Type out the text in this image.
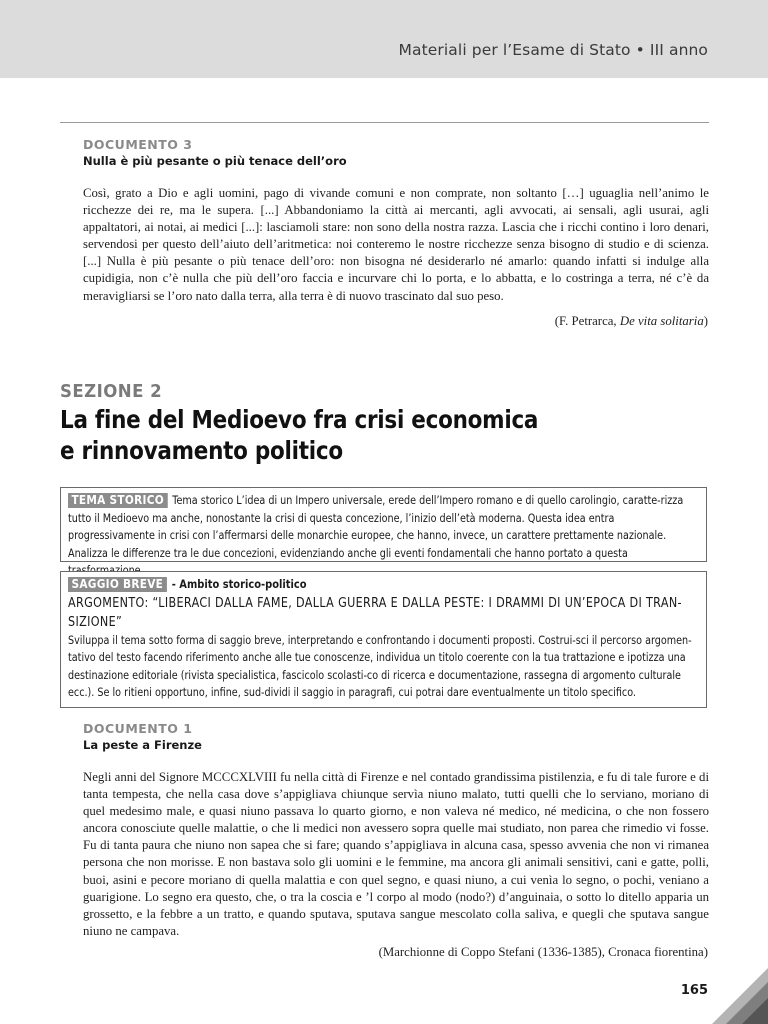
Materiali per l’Esame di Stato • III anno
DOCUMENTO 3
Nulla è più pesante o più tenace dell’oro
Così, grato a Dio e agli uomini, pago di vivande comuni e non comprate, non soltanto […] uguaglia nell’animo le ricchezze dei re, ma le supera. [...] Abbandoniamo la città ai mercanti, agli avvocati, ai sensali, agli usurai, agli appaltatori, ai notai, ai medici [...]: lasciamoli stare: non sono della nostra razza. Lascia che i ricchi contino i loro denari, servendosi per questo dell’aiuto dell’aritmetica: noi conteremo le nostre ricchezze senza bisogno di studio e di scienza. [...] Nulla è più pesante o più tenace dell’oro: non bisogna né desiderarlo né amarlo: quando infatti si indulge alla cupidigia, non c’è nulla che più dell’oro faccia e incurvare chi lo porta, e lo abbatta, e lo costringa a terra, né c’è da meravigliarsi se l’oro nato dalla terra, alla terra è di nuovo trascinato dal suo peso.
(F. Petrarca, De vita solitaria)
SEZIONE 2
La fine del Medioevo fra crisi economica
e rinnovamento politico
TEMA STORICO Tema storico L’idea di un Impero universale, erede dell’Impero romano e di quello carolingio, caratte-rizza tutto il Medioevo ma anche, nonostante la crisi di questa concezione, l’inizio dell’età moderna. Questa idea entra progressivamente in crisi con l’affermarsi delle monarchie europee, che hanno, invece, un carattere prettamente nazionale. Analizza le differenze tra le due concezioni, evidenziando anche gli eventi fondamentali che hanno portato a questa
SAGGIO BREVE - Ambito storico-politico
ARGOMENTO: “LIBERACI DALLA FAME, DALLA GUERRA E DALLA PESTE: I DRAMMI DI UN’EPOCA DI TRAN-SIZIONE”
Sviluppa il tema sotto forma di saggio breve, interpretando e confrontando i documenti proposti. Costrui-sci il percorso argomen-tativo del testo facendo riferimento anche alle tue conoscenze, individua un titolo coerente con la tua trattazione e ipotizza una destinazione editoriale (rivista specialistica, fascicolo scolasti-co di ricerca e documentazione, rassegna di argomento culturale ecc.). Se lo ritieni opportuno, infine, sud-dividi il saggio in paragrafi, cui potrai dare eventualmente un titolo specifico.
DOCUMENTO 1
La peste a Firenze
Negli anni del Signore MCCCXLVIII fu nella città di Firenze e nel contado grandissima pistilenzia, e fu di tale furore e di tanta tempesta, che nella casa dove s’appigliava chiunque servìa niuno malato, tutti quelli che lo serviano, moriano di quel medesimo male, e quasi niuno passava lo quarto giorno, e non valeva né medico, né medicina, o che non fossero ancora conosciute quelle malattie, o che li medici non avessero sopra quelle mai studiato, non parea che rimedio vi fosse. Fu di tanta paura che niuno non sapea che si fare; quando s’appigliava in alcuna casa, spesso avvenia che non vi rimanea persona che non morisse. E non bastava solo gli uomini e le femmine, ma ancora gli animali sensitivi, cani e gatte, polli, buoi, asini e pecore moriano di quella malattia e con quel segno, e quasi niuno, a cui venìa lo segno, o pochi, veniano a guarigione. Lo segno era questo, che, o tra la coscia e ’l corpo al modo (nodo?) d’anguinaia, o sotto lo ditello apparia un grossetto, e la febbre a un tratto, e quando sputava, sputava sangue mescolato colla saliva, e quegli che sputava sangue niuno ne campava.
(Marchionne di Coppo Stefani (1336-1385), Cronaca fiorentina)
165
